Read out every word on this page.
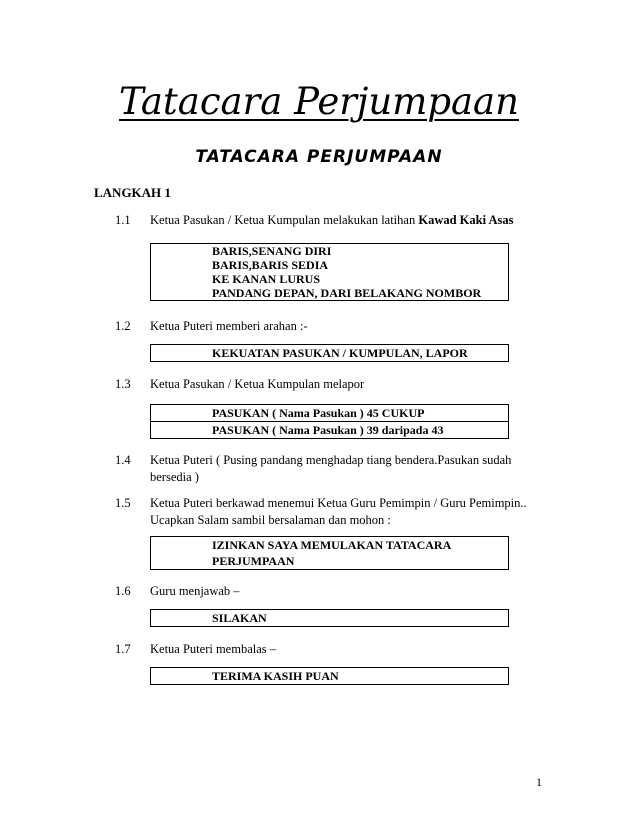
Tatacara Perjumpaan
TATACARA PERJUMPAAN
LANGKAH 1
1.1 Ketua Pasukan / Ketua Kumpulan melakukan latihan Kawad Kaki Asas
BARIS,SENANG DIRI
BARIS,BARIS SEDIA
KE KANAN LURUS
PANDANG DEPAN, DARI BELAKANG NOMBOR
1.2 Ketua Puteri memberi arahan :-
KEKUATAN PASUKAN / KUMPULAN, LAPOR
1.3 Ketua Pasukan / Ketua Kumpulan melapor
PASUKAN ( Nama Pasukan ) 45 CUKUP
PASUKAN ( Nama Pasukan ) 39 daripada 43
1.4 Ketua Puteri ( Pusing pandang menghadap tiang bendera.Pasukan sudah
bersedia )
1.5 Ketua Puteri berkawad menemui Ketua Guru Pemimpin / Guru Pemimpin..
Ucapkan Salam sambil bersalaman dan mohon :
IZINKAN SAYA MEMULAKAN TATACARA
PERJUMPAAN
1.6 Guru menjawab –
SILAKAN
1.7 Ketua Puteri membalas –
TERIMA KASIH PUAN
1
